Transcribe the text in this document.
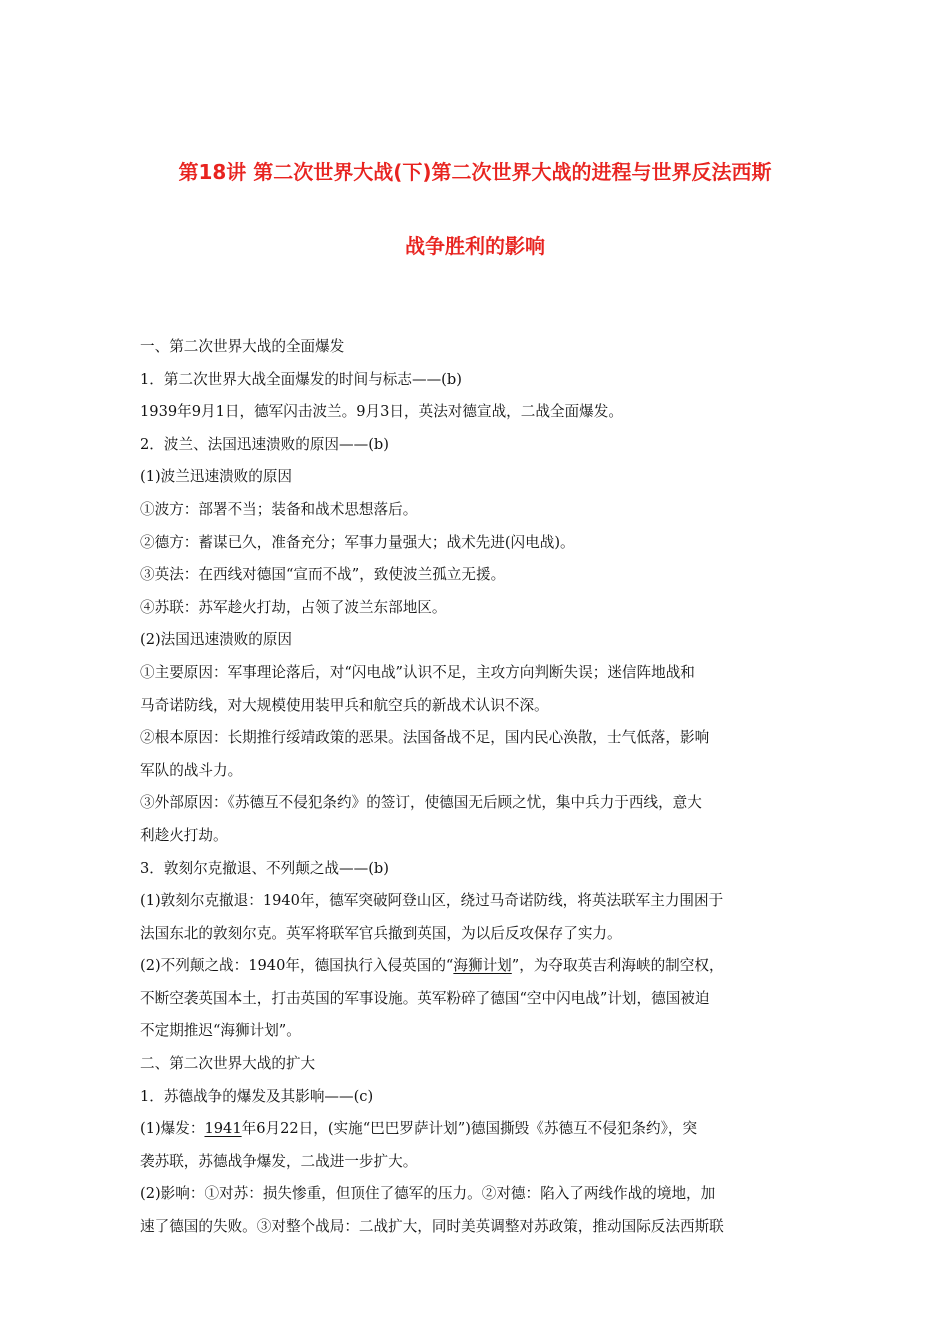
第18讲 第二次世界大战(下)第二次世界大战的进程与世界反法西斯
战争胜利的影响
一、第二次世界大战的全面爆发
1．第二次世界大战全面爆发的时间与标志——(b)
1939年9月1日，德军闪击波兰。9月3日，英法对德宣战，二战全面爆发。
2．波兰、法国迅速溃败的原因——(b)
(1)波兰迅速溃败的原因
①波方：部署不当；装备和战术思想落后。
②德方：蓄谋已久，准备充分；军事力量强大；战术先进(闪电战)。
③英法：在西线对德国“宣而不战”，致使波兰孤立无援。
④苏联：苏军趁火打劫，占领了波兰东部地区。
(2)法国迅速溃败的原因
①主要原因：军事理论落后，对“闪电战”认识不足，主攻方向判断失误；迷信阵地战和
马奇诺防线，对大规模使用装甲兵和航空兵的新战术认识不深。
②根本原因：长期推行绥靖政策的恶果。法国备战不足，国内民心涣散，士气低落，影响
军队的战斗力。
③外部原因：《苏德互不侵犯条约》的签订，使德国无后顾之忧，集中兵力于西线，意大
利趁火打劫。
3．敦刻尔克撤退、不列颠之战——(b)
(1)敦刻尔克撤退：1940年，德军突破阿登山区，绕过马奇诺防线，将英法联军主力围困于
法国东北的敦刻尔克。英军将联军官兵撤到英国，为以后反攻保存了实力。
(2)不列颠之战：1940年，德国执行入侵英国的“海狮计划”，为夺取英吉利海峡的制空权，
不断空袭英国本土，打击英国的军事设施。英军粉碎了德国“空中闪电战”计划，德国被迫
不定期推迟“海狮计划”。
二、第二次世界大战的扩大
1．苏德战争的爆发及其影响——(c)
(1)爆发：1941年6月22日，(实施“巴巴罗萨计划”)德国撕毁《苏德互不侵犯条约》，突
袭苏联，苏德战争爆发，二战进一步扩大。
(2)影响：①对苏：损失惨重，但顶住了德军的压力。②对德：陷入了两线作战的境地，加
速了德国的失败。③对整个战局：二战扩大，同时美英调整对苏政策，推动国际反法西斯联
